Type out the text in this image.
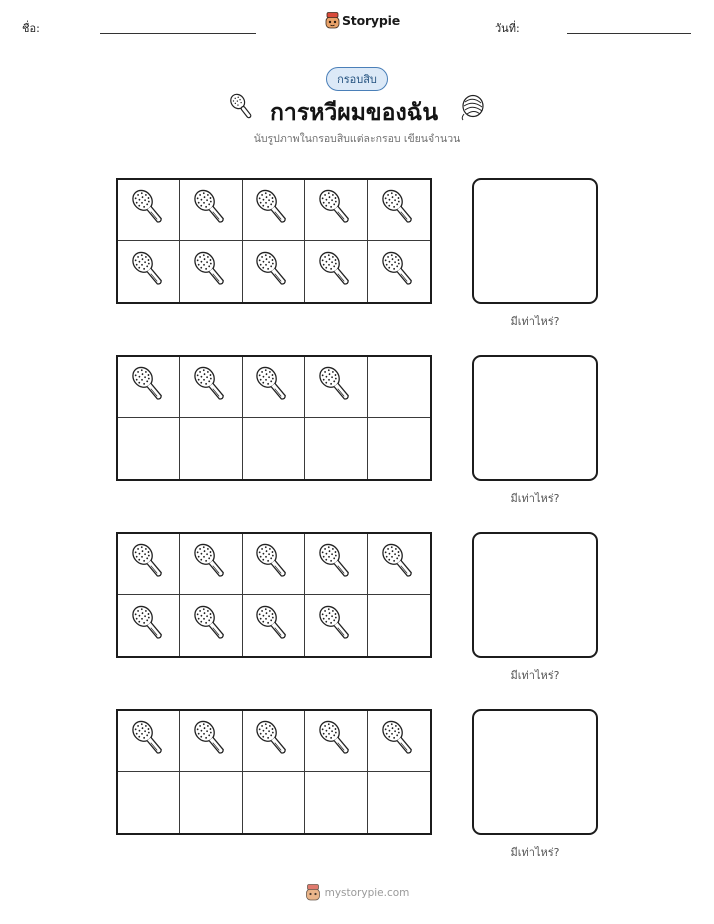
ชื่อ:
Storypie
วันที่:
กรอบสิบ
การหวีผมของฉัน
นับรูปภาพในกรอบสิบแต่ละกรอบ เขียนจำนวน
มีเท่าไหร่?
มีเท่าไหร่?
มีเท่าไหร่?
มีเท่าไหร่?
mystorypie.com
